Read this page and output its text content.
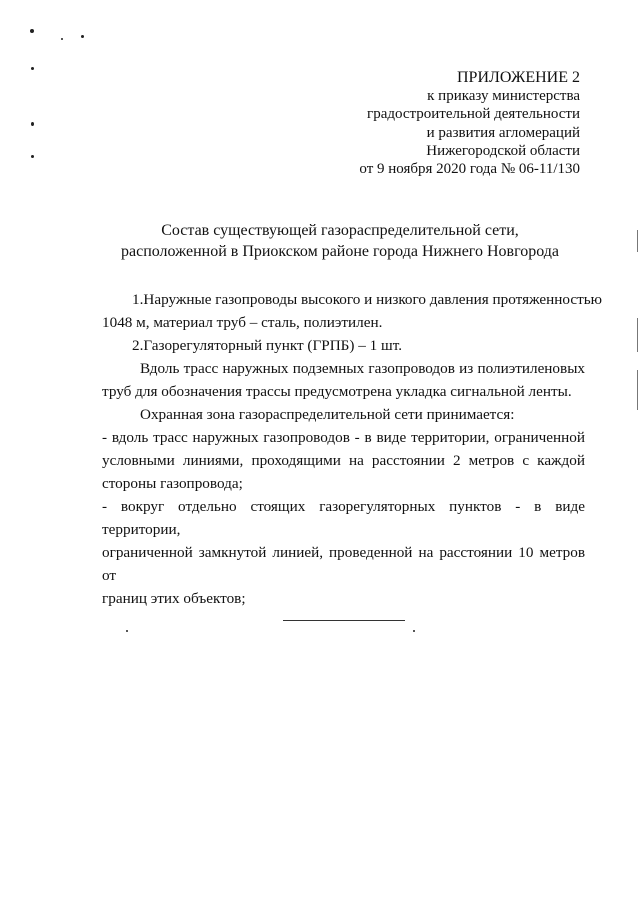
ПРИЛОЖЕНИЕ 2
к приказу министерства
градостроительной деятельности
и развития агломераций
Нижегородской области
от 9 ноября 2020 года № 06-11/130
Состав существующей газораспределительной сети,
расположенной в Приокском районе города Нижнего Новгорода

1.Наружные газопроводы высокого и низкого давления протяженностью

1048 м, материал труб – сталь, полиэтилен.

2.Газорегуляторный пункт (ГРПБ) – 1 шт.

Вдоль трасс наружных подземных газопроводов из полиэтиленовых

труб для обозначения трассы предусмотрена укладка сигнальной ленты.

Охранная зона газораспределительной сети принимается:

- вдоль трасс наружных газопроводов - в виде территории, ограниченной

условными линиями, проходящими на расстоянии 2 метров с каждой

стороны газопровода;

- вокруг отдельно стоящих газорегуляторных пунктов - в виде территории,

ограниченной замкнутой линией, проведенной на расстоянии 10 метров от

границ этих объектов;
